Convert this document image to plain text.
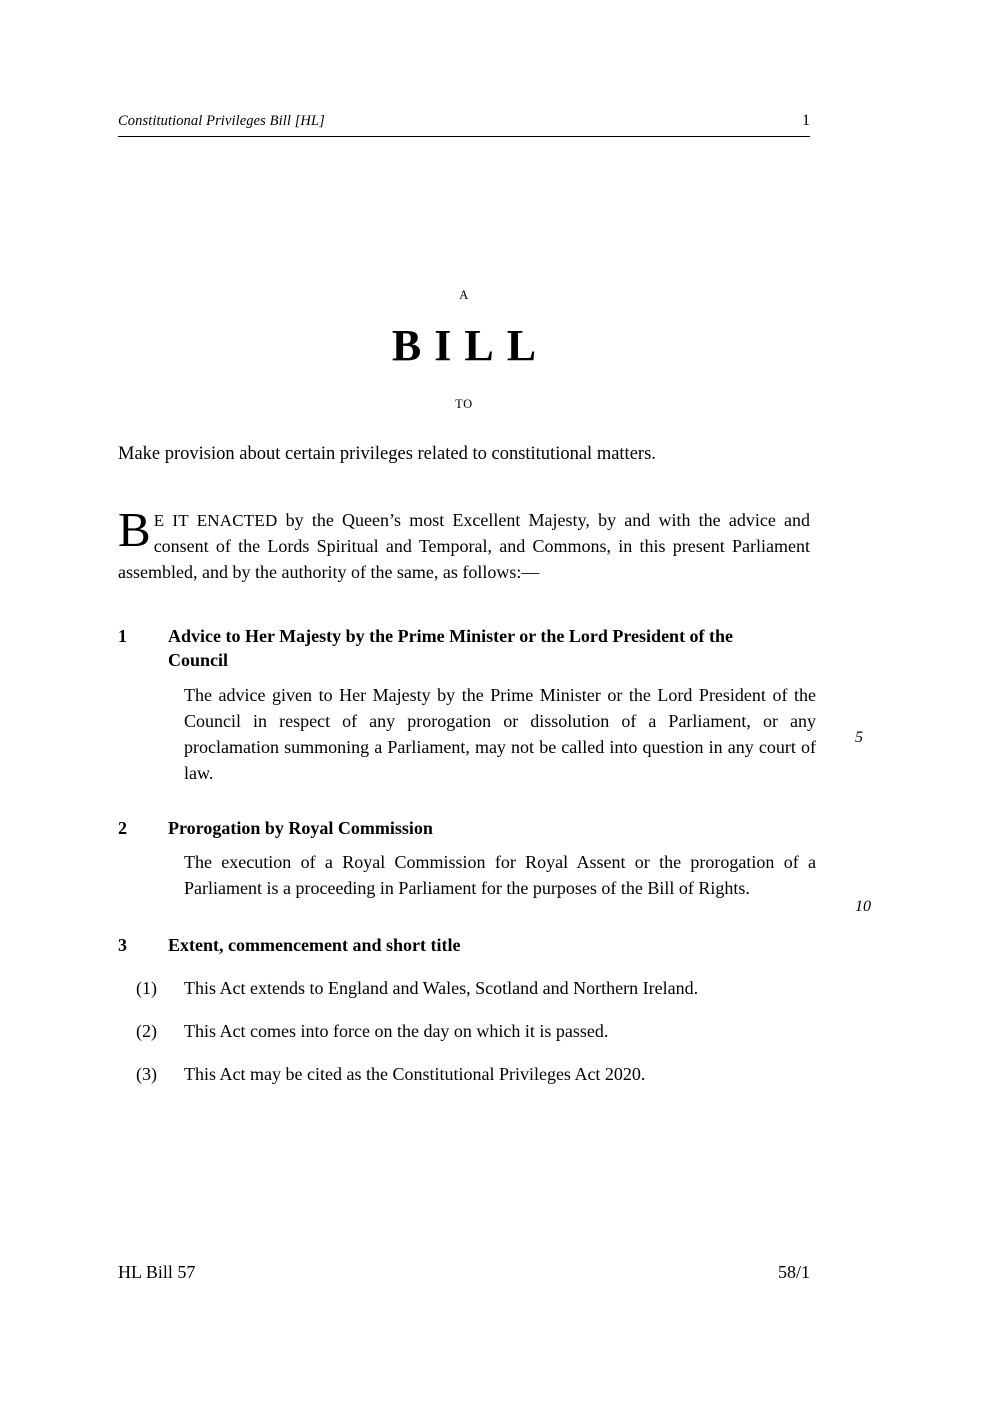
Constitutional Privileges Bill [HL]	1
A
BILL
TO
Make provision about certain privileges related to constitutional matters.
B E IT ENACTED by the Queen’s most Excellent Majesty, by and with the advice and consent of the Lords Spiritual and Temporal, and Commons, in this present Parliament assembled, and by the authority of the same, as follows:—
1	Advice to Her Majesty by the Prime Minister or the Lord President of the Council
The advice given to Her Majesty by the Prime Minister or the Lord President of the Council in respect of any prorogation or dissolution of a Parliament, or any proclamation summoning a Parliament, may not be called into question in any court of law.
2	Prorogation by Royal Commission
The execution of a Royal Commission for Royal Assent or the prorogation of a Parliament is a proceeding in Parliament for the purposes of the Bill of Rights.
3	Extent, commencement and short title
(1)	This Act extends to England and Wales, Scotland and Northern Ireland.
(2)	This Act comes into force on the day on which it is passed.
(3)	This Act may be cited as the Constitutional Privileges Act 2020.
5
10
HL Bill 57	58/1
